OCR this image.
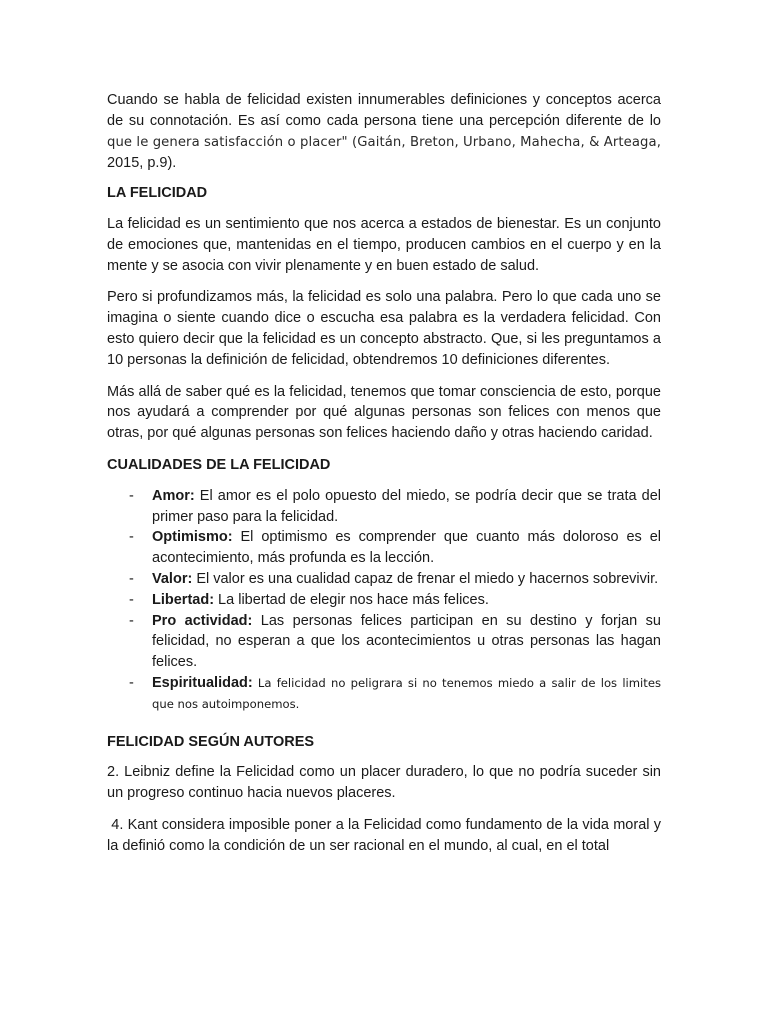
Cuando se habla de felicidad existen innumerables definiciones y conceptos acerca de su connotación. Es así como cada persona tiene una percepción diferente de lo que le genera satisfacción o placer" (Gaitán, Breton, Urbano, Mahecha, & Arteaga, 2015, p.9).

LA FELICIDAD

La felicidad es un sentimiento que nos acerca a estados de bienestar. Es un conjunto de emociones que, mantenidas en el tiempo, producen cambios en el cuerpo y en la mente y se asocia con vivir plenamente y en buen estado de salud.

Pero si profundizamos más, la felicidad es solo una palabra. Pero lo que cada uno se imagina o siente cuando dice o escucha esa palabra es la verdadera felicidad. Con esto quiero decir que la felicidad es un concepto abstracto. Que, si les preguntamos a 10 personas la definición de felicidad, obtendremos 10 definiciones diferentes.

Más allá de saber qué es la felicidad, tenemos que tomar consciencia de esto, porque nos ayudará a comprender por qué algunas personas son felices con menos que otras, por qué algunas personas son felices haciendo daño y otras haciendo caridad.

CUALIDADES DE LA FELICIDAD
- Amor: El amor es el polo opuesto del miedo, se podría decir que se trata del primer paso para la felicidad.
- Optimismo: El optimismo es comprender que cuanto más doloroso es el acontecimiento, más profunda es la lección.
- Valor: El valor es una cualidad capaz de frenar el miedo y hacernos sobrevivir.
- Libertad: La libertad de elegir nos hace más felices.
- Pro actividad: Las personas felices participan en su destino y forjan su felicidad, no esperan a que los acontecimientos u otras personas las hagan felices.
- Espiritualidad: La felicidad no peligrara si no tenemos miedo a salir de los limites que nos autoimponemos.
FELICIDAD SEGÚN AUTORES

2. Leibniz define la Felicidad como un placer duradero, lo que no podría suceder sin un progreso continuo hacia nuevos placeres.

4. Kant considera imposible poner a la Felicidad como fundamento de la vida moral y la definió como la condición de un ser racional en el mundo, al cual, en el total
